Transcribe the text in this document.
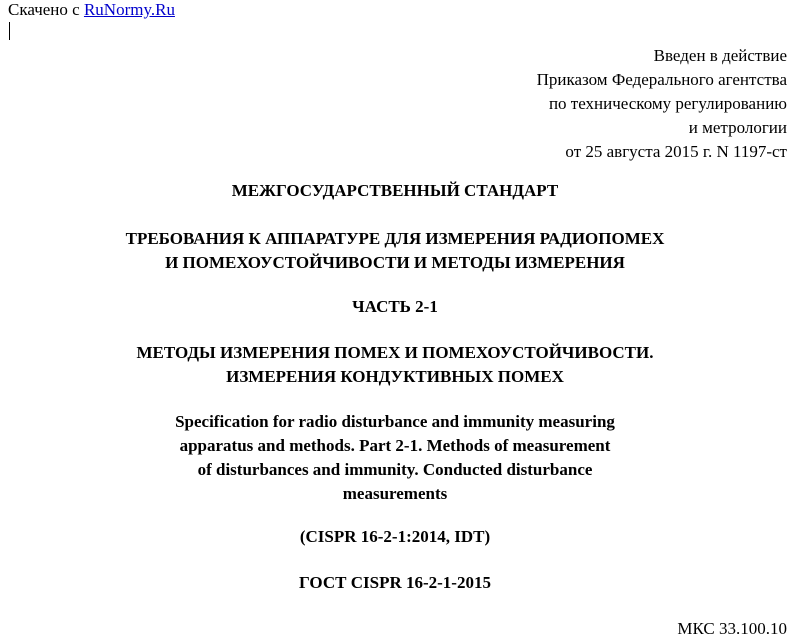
Скачено с RuNormy.Ru
Введен в действие
Приказом Федерального агентства
по техническому регулированию
и метрологии
от 25 августа 2015 г. N 1197-ст
МЕЖГОСУДАРСТВЕННЫЙ СТАНДАРТ
ТРЕБОВАНИЯ К АППАРАТУРЕ ДЛЯ ИЗМЕРЕНИЯ РАДИОПОМЕХ
И ПОМЕХОУСТОЙЧИВОСТИ И МЕТОДЫ ИЗМЕРЕНИЯ
ЧАСТЬ 2-1
МЕТОДЫ ИЗМЕРЕНИЯ ПОМЕХ И ПОМЕХОУСТОЙЧИВОСТИ.
ИЗМЕРЕНИЯ КОНДУКТИВНЫХ ПОМЕХ
Specification for radio disturbance and immunity measuring
apparatus and methods. Part 2-1. Methods of measurement
of disturbances and immunity. Conducted disturbance
measurements
(CISPR 16-2-1:2014, IDT)
ГОСТ CISPR 16-2-1-2015
МКС 33.100.10
